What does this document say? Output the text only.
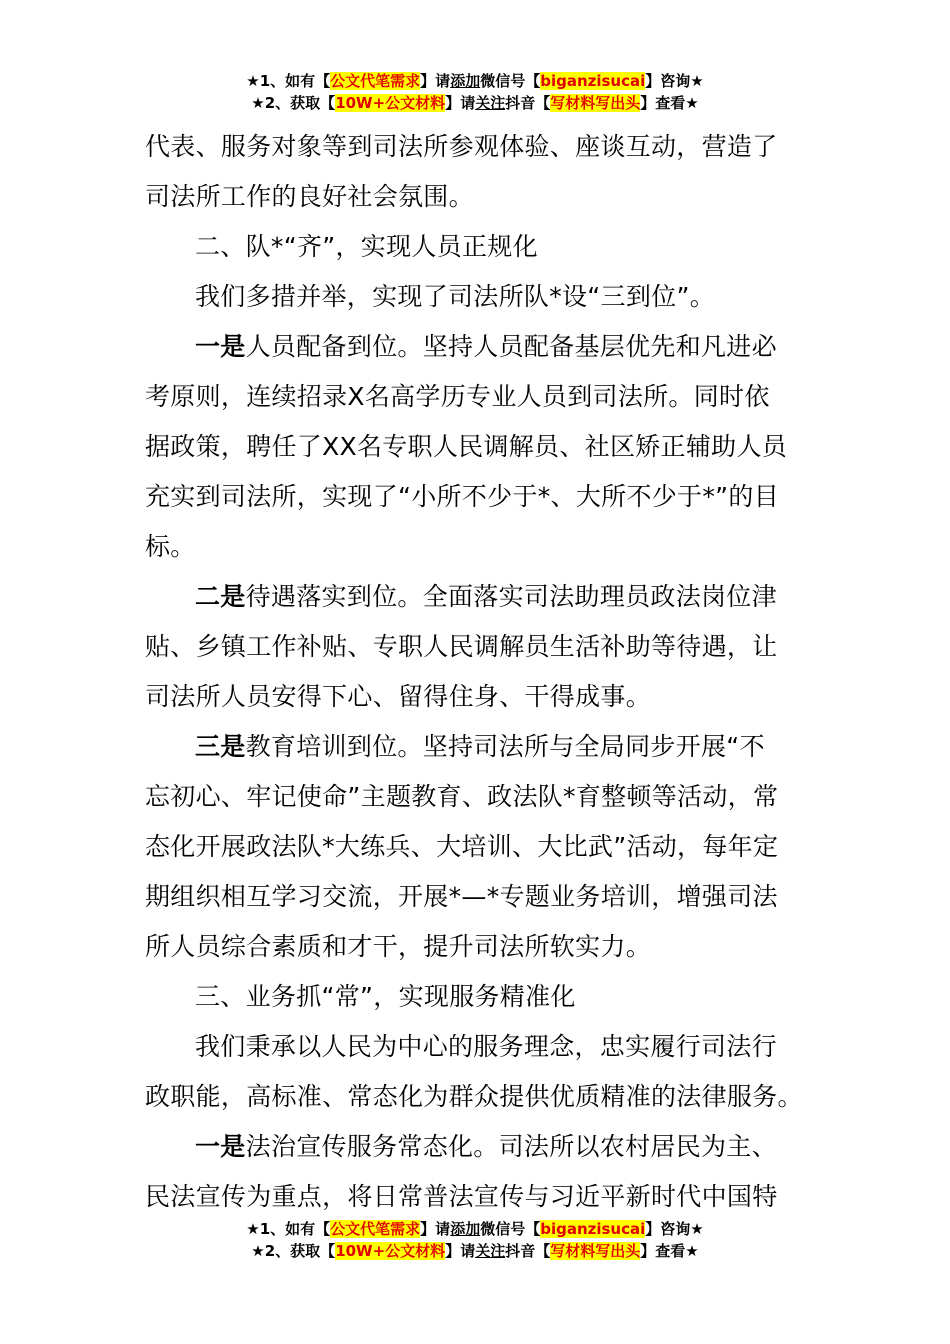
★1、如有【公文代笔需求】请添加微信号【biganzisucai】咨询★
★2、获取【10W+公文材料】请关注抖音【写材料写出头】查看★

代表、服务对象等到司法所参观体验、座谈互动，营造了
司法所工作的良好社会氛围。

二、队*“齐”，实现人员正规化

我们多措并举，实现了司法所队*设“三到位”。

一是人员配备到位。坚持人员配备基层优先和凡进必
考原则，连续招录X名高学历专业人员到司法所。同时依
据政策，聘任了XX名专职人民调解员、社区矫正辅助人员
充实到司法所，实现了“小所不少于*、大所不少于*”的目
标。

二是待遇落实到位。全面落实司法助理员政法岗位津
贴、乡镇工作补贴、专职人民调解员生活补助等待遇，让
司法所人员安得下心、留得住身、干得成事。

三是教育培训到位。坚持司法所与全局同步开展“不
忘初心、牢记使命”主题教育、政法队*育整顿等活动，常
态化开展政法队*大练兵、大培训、大比武”活动，每年定
期组织相互学习交流，开展*—*专题业务培训，增强司法
所人员综合素质和才干，提升司法所软实力。

三、业务抓“常”，实现服务精准化

我们秉承以人民为中心的服务理念，忠实履行司法行
政职能，高标准、常态化为群众提供优质精准的法律服务。

一是法治宣传服务常态化。司法所以农村居民为主、
民法宣传为重点，将日常普法宣传与习近平新时代中国特

★1、如有【公文代笔需求】请添加微信号【biganzisucai】咨询★
★2、获取【10W+公文材料】请关注抖音【写材料写出头】查看★
